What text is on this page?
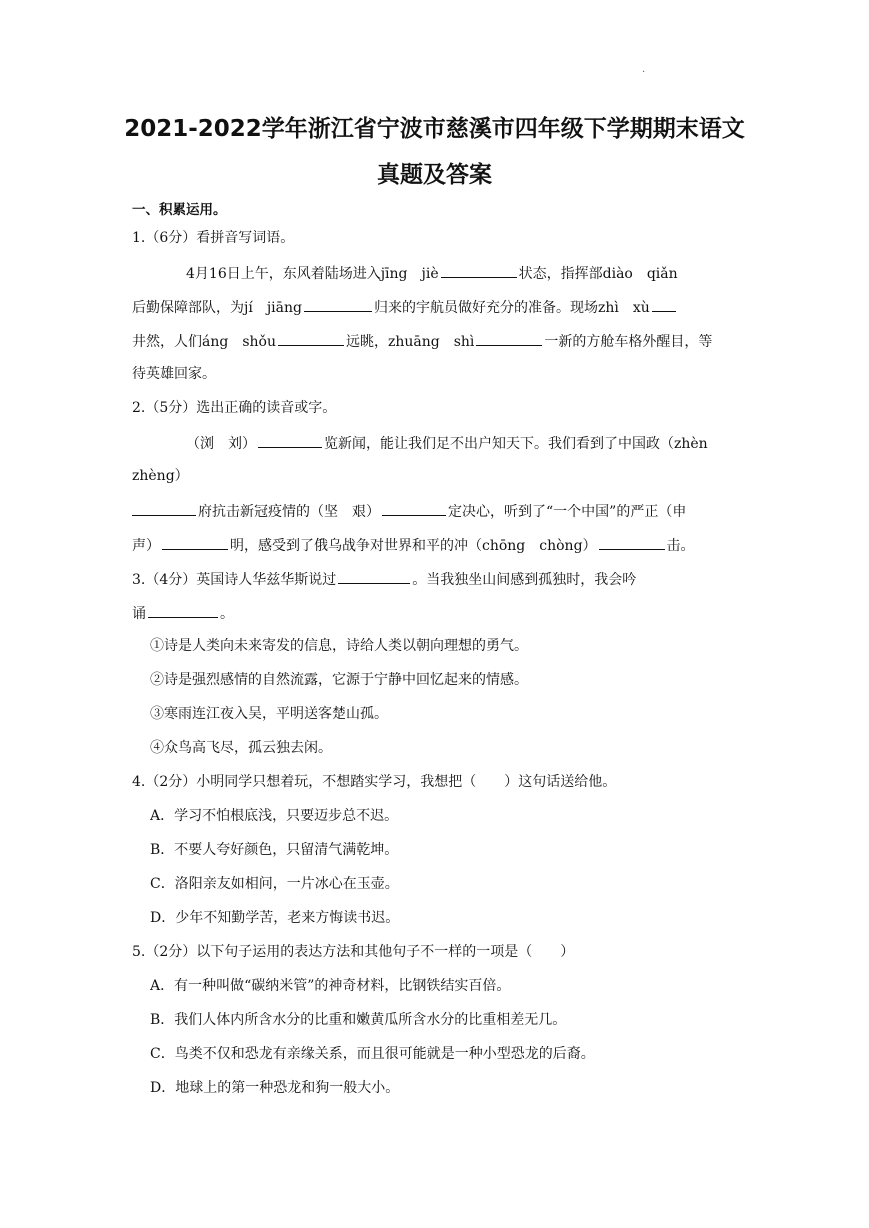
.
2021-2022学年浙江省宁波市慈溪市四年级下学期期末语文
真题及答案
一、积累运用。
1.（6分）看拼音写词语。
4月16日上午，东风着陆场进入jīng　jiè	状态，指挥部diào　qiǎn
后勤保障部队，为jí　jiāng	归来的宇航员做好充分的准备。现场zhì　xù
井然，人们áng　shǒu	远眺，zhuāng　shì	一新的方舱车格外醒目，等
待英雄回家。
2.（5分）选出正确的读音或字。
（浏　刘）	览新闻，能让我们足不出户知天下。我们看到了中国政（zhèn
zhèng）
府抗击新冠疫情的（坚　艰）	定决心，听到了“一个中国”的严正（申
声）	明，感受到了俄乌战争对世界和平的冲（chōng　chòng）	击。
3.（4分）英国诗人华兹华斯说过	。当我独坐山间感到孤独时，我会吟
诵	。
①诗是人类向未来寄发的信息，诗给人类以朝向理想的勇气。
②诗是强烈感情的自然流露，它源于宁静中回忆起来的情感。
③寒雨连江夜入吴，平明送客楚山孤。
④众鸟高飞尽，孤云独去闲。
4.（2分）小明同学只想着玩，不想踏实学习，我想把（　　）这句话送给他。
A．学习不怕根底浅，只要迈步总不迟。
B．不要人夸好颜色，只留清气满乾坤。
C．洛阳亲友如相问，一片冰心在玉壶。
D．少年不知勤学苦，老来方悔读书迟。
5.（2分）以下句子运用的表达方法和其他句子不一样的一项是（　　）
A．有一种叫做“碳纳米管”的神奇材料，比钢铁结实百倍。
B．我们人体内所含水分的比重和嫩黄瓜所含水分的比重相差无几。
C．鸟类不仅和恐龙有亲缘关系，而且很可能就是一种小型恐龙的后裔。
D．地球上的第一种恐龙和狗一般大小。
